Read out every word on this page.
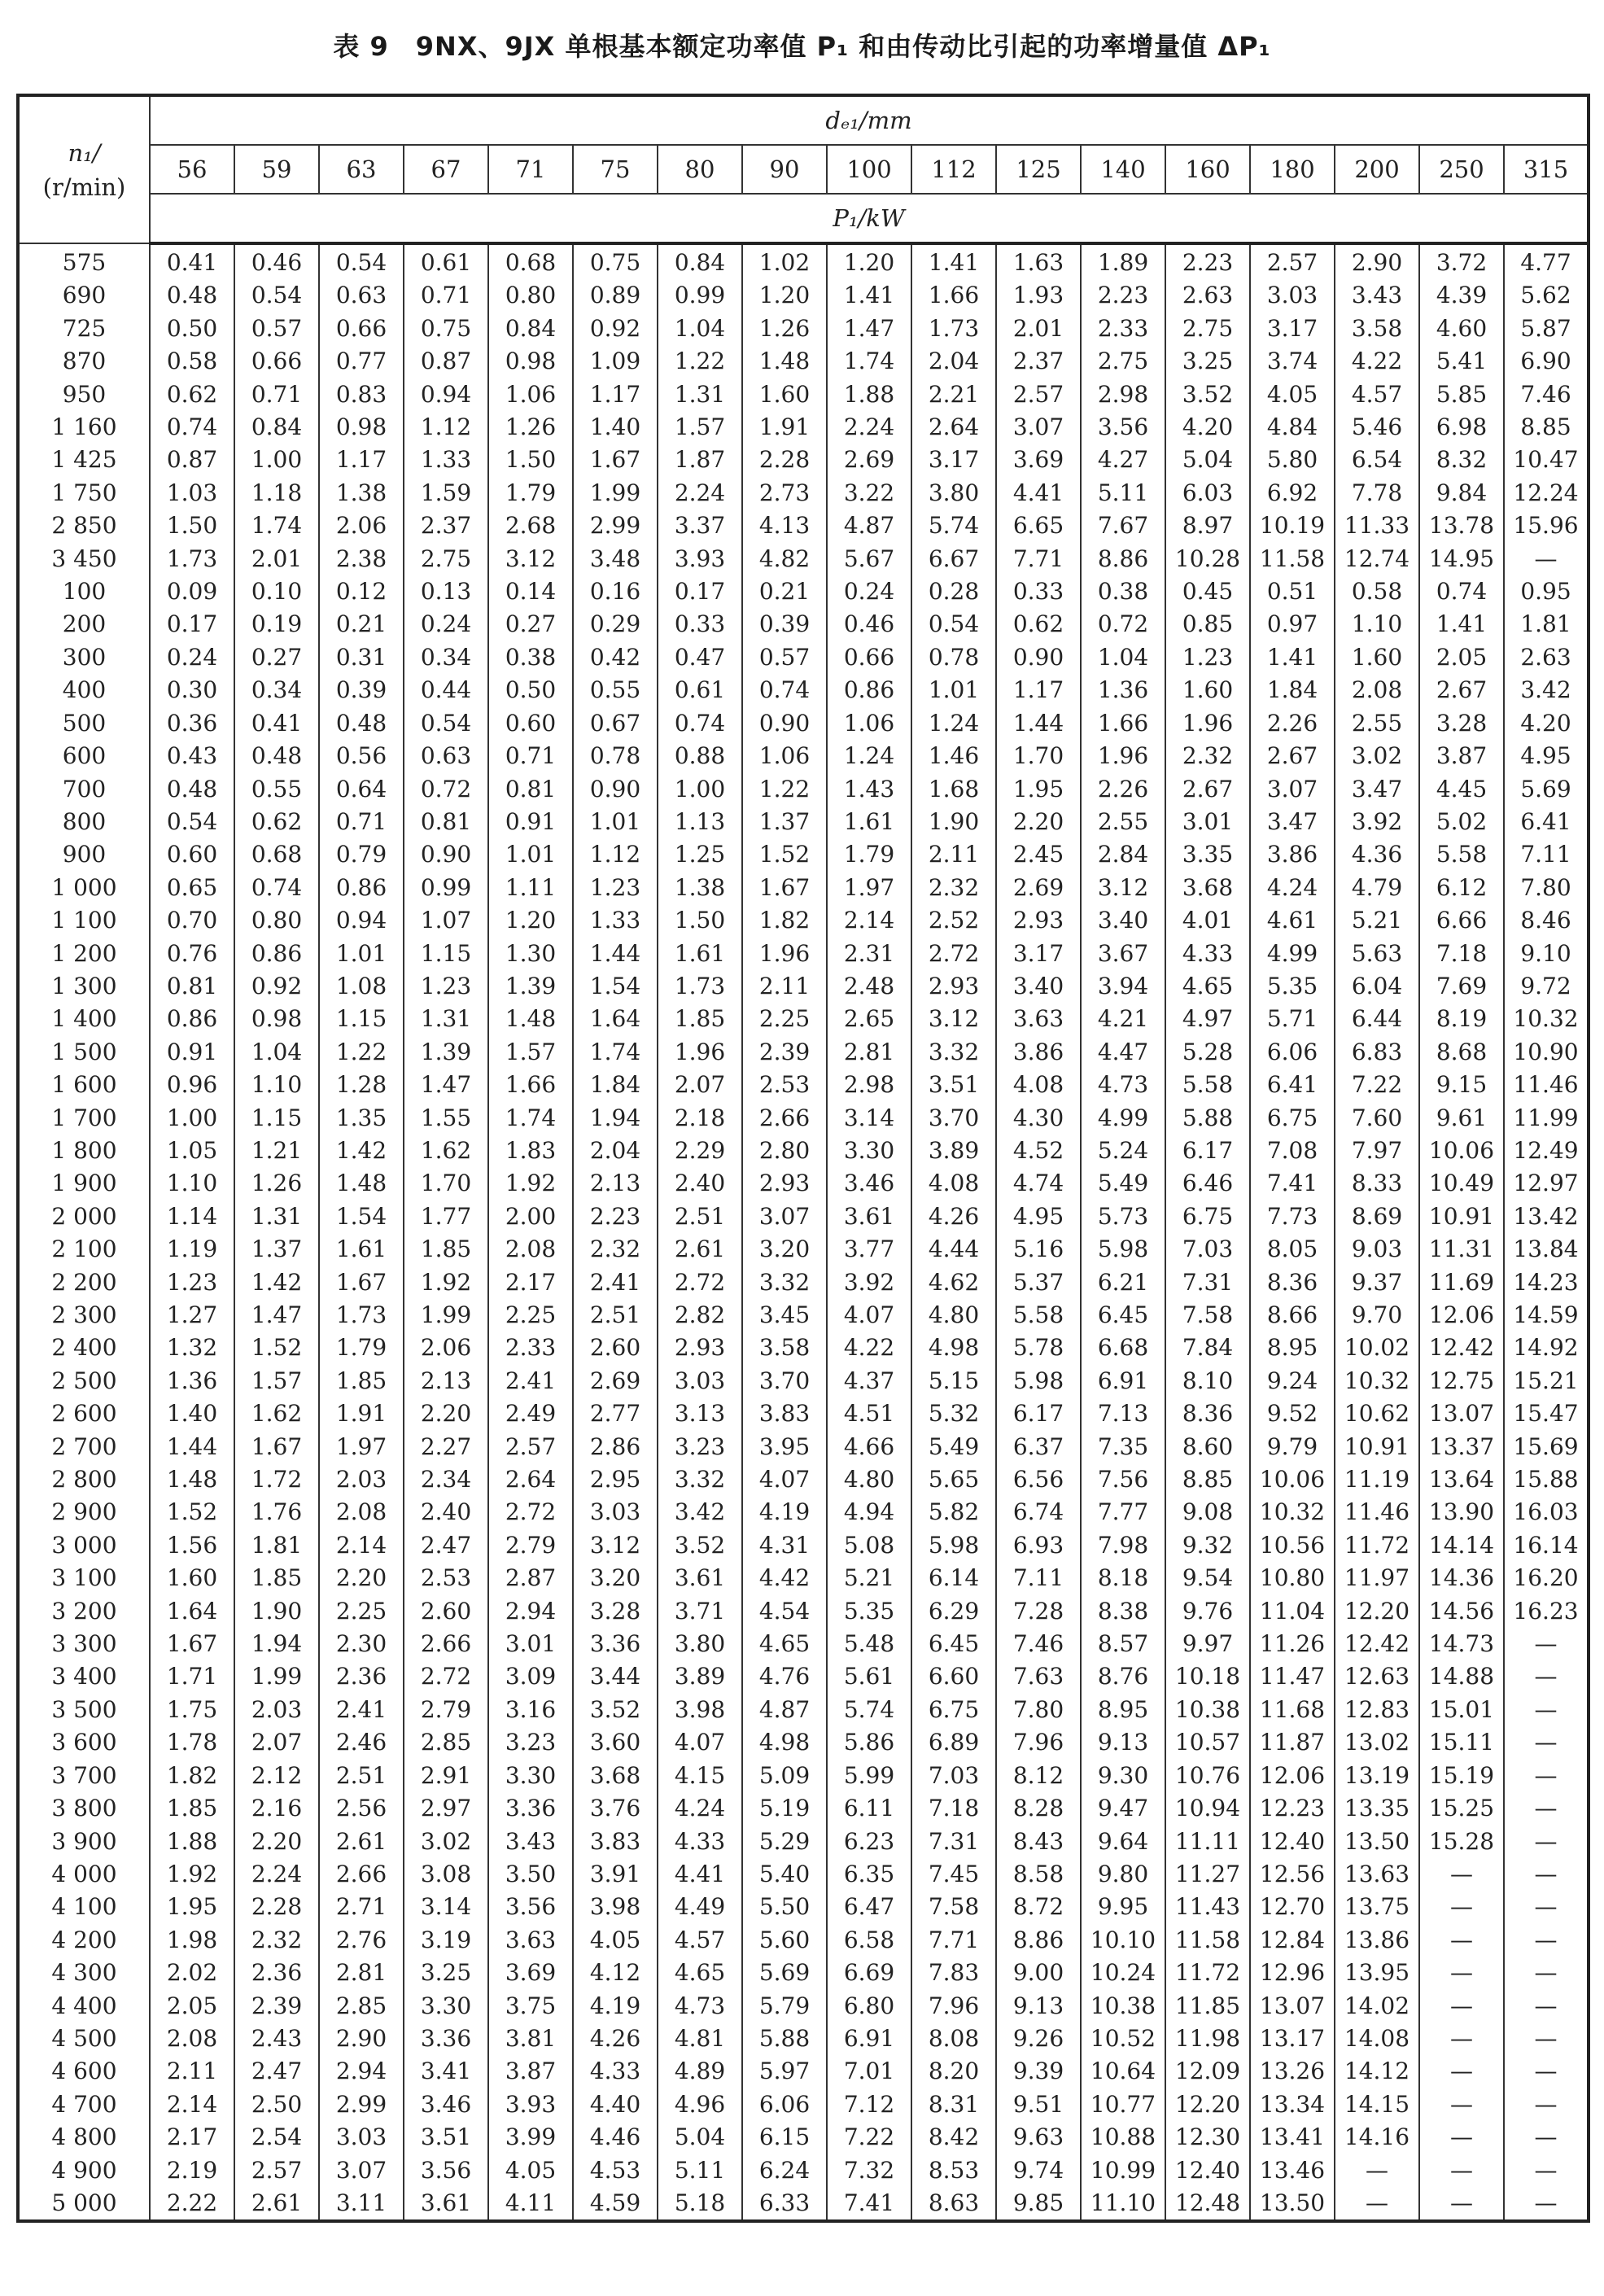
表 9　9NX、9JX 单根基本额定功率值 P₁ 和由传动比引起的功率增量值 ΔP₁
n₁/
(r/min)	dₑ₁/mm																
	56	59	63	67	71	75	80	90	100	112	125	140	160	180	200	250	315
	P₁/kW																
575	0.41	0.46	0.54	0.61	0.68	0.75	0.84	1.02	1.20	1.41	1.63	1.89	2.23	2.57	2.90	3.72	4.77
690	0.48	0.54	0.63	0.71	0.80	0.89	0.99	1.20	1.41	1.66	1.93	2.23	2.63	3.03	3.43	4.39	5.62
725	0.50	0.57	0.66	0.75	0.84	0.92	1.04	1.26	1.47	1.73	2.01	2.33	2.75	3.17	3.58	4.60	5.87
870	0.58	0.66	0.77	0.87	0.98	1.09	1.22	1.48	1.74	2.04	2.37	2.75	3.25	3.74	4.22	5.41	6.90
950	0.62	0.71	0.83	0.94	1.06	1.17	1.31	1.60	1.88	2.21	2.57	2.98	3.52	4.05	4.57	5.85	7.46
1 160	0.74	0.84	0.98	1.12	1.26	1.40	1.57	1.91	2.24	2.64	3.07	3.56	4.20	4.84	5.46	6.98	8.85
1 425	0.87	1.00	1.17	1.33	1.50	1.67	1.87	2.28	2.69	3.17	3.69	4.27	5.04	5.80	6.54	8.32	10.47
1 750	1.03	1.18	1.38	1.59	1.79	1.99	2.24	2.73	3.22	3.80	4.41	5.11	6.03	6.92	7.78	9.84	12.24
2 850	1.50	1.74	2.06	2.37	2.68	2.99	3.37	4.13	4.87	5.74	6.65	7.67	8.97	10.19	11.33	13.78	15.96
3 450	1.73	2.01	2.38	2.75	3.12	3.48	3.93	4.82	5.67	6.67	7.71	8.86	10.28	11.58	12.74	14.95	—
100	0.09	0.10	0.12	0.13	0.14	0.16	0.17	0.21	0.24	0.28	0.33	0.38	0.45	0.51	0.58	0.74	0.95
200	0.17	0.19	0.21	0.24	0.27	0.29	0.33	0.39	0.46	0.54	0.62	0.72	0.85	0.97	1.10	1.41	1.81
300	0.24	0.27	0.31	0.34	0.38	0.42	0.47	0.57	0.66	0.78	0.90	1.04	1.23	1.41	1.60	2.05	2.63
400	0.30	0.34	0.39	0.44	0.50	0.55	0.61	0.74	0.86	1.01	1.17	1.36	1.60	1.84	2.08	2.67	3.42
500	0.36	0.41	0.48	0.54	0.60	0.67	0.74	0.90	1.06	1.24	1.44	1.66	1.96	2.26	2.55	3.28	4.20
600	0.43	0.48	0.56	0.63	0.71	0.78	0.88	1.06	1.24	1.46	1.70	1.96	2.32	2.67	3.02	3.87	4.95
700	0.48	0.55	0.64	0.72	0.81	0.90	1.00	1.22	1.43	1.68	1.95	2.26	2.67	3.07	3.47	4.45	5.69
800	0.54	0.62	0.71	0.81	0.91	1.01	1.13	1.37	1.61	1.90	2.20	2.55	3.01	3.47	3.92	5.02	6.41
900	0.60	0.68	0.79	0.90	1.01	1.12	1.25	1.52	1.79	2.11	2.45	2.84	3.35	3.86	4.36	5.58	7.11
1 000	0.65	0.74	0.86	0.99	1.11	1.23	1.38	1.67	1.97	2.32	2.69	3.12	3.68	4.24	4.79	6.12	7.80
1 100	0.70	0.80	0.94	1.07	1.20	1.33	1.50	1.82	2.14	2.52	2.93	3.40	4.01	4.61	5.21	6.66	8.46
1 200	0.76	0.86	1.01	1.15	1.30	1.44	1.61	1.96	2.31	2.72	3.17	3.67	4.33	4.99	5.63	7.18	9.10
1 300	0.81	0.92	1.08	1.23	1.39	1.54	1.73	2.11	2.48	2.93	3.40	3.94	4.65	5.35	6.04	7.69	9.72
1 400	0.86	0.98	1.15	1.31	1.48	1.64	1.85	2.25	2.65	3.12	3.63	4.21	4.97	5.71	6.44	8.19	10.32
1 500	0.91	1.04	1.22	1.39	1.57	1.74	1.96	2.39	2.81	3.32	3.86	4.47	5.28	6.06	6.83	8.68	10.90
1 600	0.96	1.10	1.28	1.47	1.66	1.84	2.07	2.53	2.98	3.51	4.08	4.73	5.58	6.41	7.22	9.15	11.46
1 700	1.00	1.15	1.35	1.55	1.74	1.94	2.18	2.66	3.14	3.70	4.30	4.99	5.88	6.75	7.60	9.61	11.99
1 800	1.05	1.21	1.42	1.62	1.83	2.04	2.29	2.80	3.30	3.89	4.52	5.24	6.17	7.08	7.97	10.06	12.49
1 900	1.10	1.26	1.48	1.70	1.92	2.13	2.40	2.93	3.46	4.08	4.74	5.49	6.46	7.41	8.33	10.49	12.97
2 000	1.14	1.31	1.54	1.77	2.00	2.23	2.51	3.07	3.61	4.26	4.95	5.73	6.75	7.73	8.69	10.91	13.42
2 100	1.19	1.37	1.61	1.85	2.08	2.32	2.61	3.20	3.77	4.44	5.16	5.98	7.03	8.05	9.03	11.31	13.84
2 200	1.23	1.42	1.67	1.92	2.17	2.41	2.72	3.32	3.92	4.62	5.37	6.21	7.31	8.36	9.37	11.69	14.23
2 300	1.27	1.47	1.73	1.99	2.25	2.51	2.82	3.45	4.07	4.80	5.58	6.45	7.58	8.66	9.70	12.06	14.59
2 400	1.32	1.52	1.79	2.06	2.33	2.60	2.93	3.58	4.22	4.98	5.78	6.68	7.84	8.95	10.02	12.42	14.92
2 500	1.36	1.57	1.85	2.13	2.41	2.69	3.03	3.70	4.37	5.15	5.98	6.91	8.10	9.24	10.32	12.75	15.21
2 600	1.40	1.62	1.91	2.20	2.49	2.77	3.13	3.83	4.51	5.32	6.17	7.13	8.36	9.52	10.62	13.07	15.47
2 700	1.44	1.67	1.97	2.27	2.57	2.86	3.23	3.95	4.66	5.49	6.37	7.35	8.60	9.79	10.91	13.37	15.69
2 800	1.48	1.72	2.03	2.34	2.64	2.95	3.32	4.07	4.80	5.65	6.56	7.56	8.85	10.06	11.19	13.64	15.88
2 900	1.52	1.76	2.08	2.40	2.72	3.03	3.42	4.19	4.94	5.82	6.74	7.77	9.08	10.32	11.46	13.90	16.03
3 000	1.56	1.81	2.14	2.47	2.79	3.12	3.52	4.31	5.08	5.98	6.93	7.98	9.32	10.56	11.72	14.14	16.14
3 100	1.60	1.85	2.20	2.53	2.87	3.20	3.61	4.42	5.21	6.14	7.11	8.18	9.54	10.80	11.97	14.36	16.20
3 200	1.64	1.90	2.25	2.60	2.94	3.28	3.71	4.54	5.35	6.29	7.28	8.38	9.76	11.04	12.20	14.56	16.23
3 300	1.67	1.94	2.30	2.66	3.01	3.36	3.80	4.65	5.48	6.45	7.46	8.57	9.97	11.26	12.42	14.73	—
3 400	1.71	1.99	2.36	2.72	3.09	3.44	3.89	4.76	5.61	6.60	7.63	8.76	10.18	11.47	12.63	14.88	—
3 500	1.75	2.03	2.41	2.79	3.16	3.52	3.98	4.87	5.74	6.75	7.80	8.95	10.38	11.68	12.83	15.01	—
3 600	1.78	2.07	2.46	2.85	3.23	3.60	4.07	4.98	5.86	6.89	7.96	9.13	10.57	11.87	13.02	15.11	—
3 700	1.82	2.12	2.51	2.91	3.30	3.68	4.15	5.09	5.99	7.03	8.12	9.30	10.76	12.06	13.19	15.19	—
3 800	1.85	2.16	2.56	2.97	3.36	3.76	4.24	5.19	6.11	7.18	8.28	9.47	10.94	12.23	13.35	15.25	—
3 900	1.88	2.20	2.61	3.02	3.43	3.83	4.33	5.29	6.23	7.31	8.43	9.64	11.11	12.40	13.50	15.28	—
4 000	1.92	2.24	2.66	3.08	3.50	3.91	4.41	5.40	6.35	7.45	8.58	9.80	11.27	12.56	13.63	—	—
4 100	1.95	2.28	2.71	3.14	3.56	3.98	4.49	5.50	6.47	7.58	8.72	9.95	11.43	12.70	13.75	—	—
4 200	1.98	2.32	2.76	3.19	3.63	4.05	4.57	5.60	6.58	7.71	8.86	10.10	11.58	12.84	13.86	—	—
4 300	2.02	2.36	2.81	3.25	3.69	4.12	4.65	5.69	6.69	7.83	9.00	10.24	11.72	12.96	13.95	—	—
4 400	2.05	2.39	2.85	3.30	3.75	4.19	4.73	5.79	6.80	7.96	9.13	10.38	11.85	13.07	14.02	—	—
4 500	2.08	2.43	2.90	3.36	3.81	4.26	4.81	5.88	6.91	8.08	9.26	10.52	11.98	13.17	14.08	—	—
4 600	2.11	2.47	2.94	3.41	3.87	4.33	4.89	5.97	7.01	8.20	9.39	10.64	12.09	13.26	14.12	—	—
4 700	2.14	2.50	2.99	3.46	3.93	4.40	4.96	6.06	7.12	8.31	9.51	10.77	12.20	13.34	14.15	—	—
4 800	2.17	2.54	3.03	3.51	3.99	4.46	5.04	6.15	7.22	8.42	9.63	10.88	12.30	13.41	14.16	—	—
4 900	2.19	2.57	3.07	3.56	4.05	4.53	5.11	6.24	7.32	8.53	9.74	10.99	12.40	13.46	—	—	—
5 000	2.22	2.61	3.11	3.61	4.11	4.59	5.18	6.33	7.41	8.63	9.85	11.10	12.48	13.50	—	—	—
